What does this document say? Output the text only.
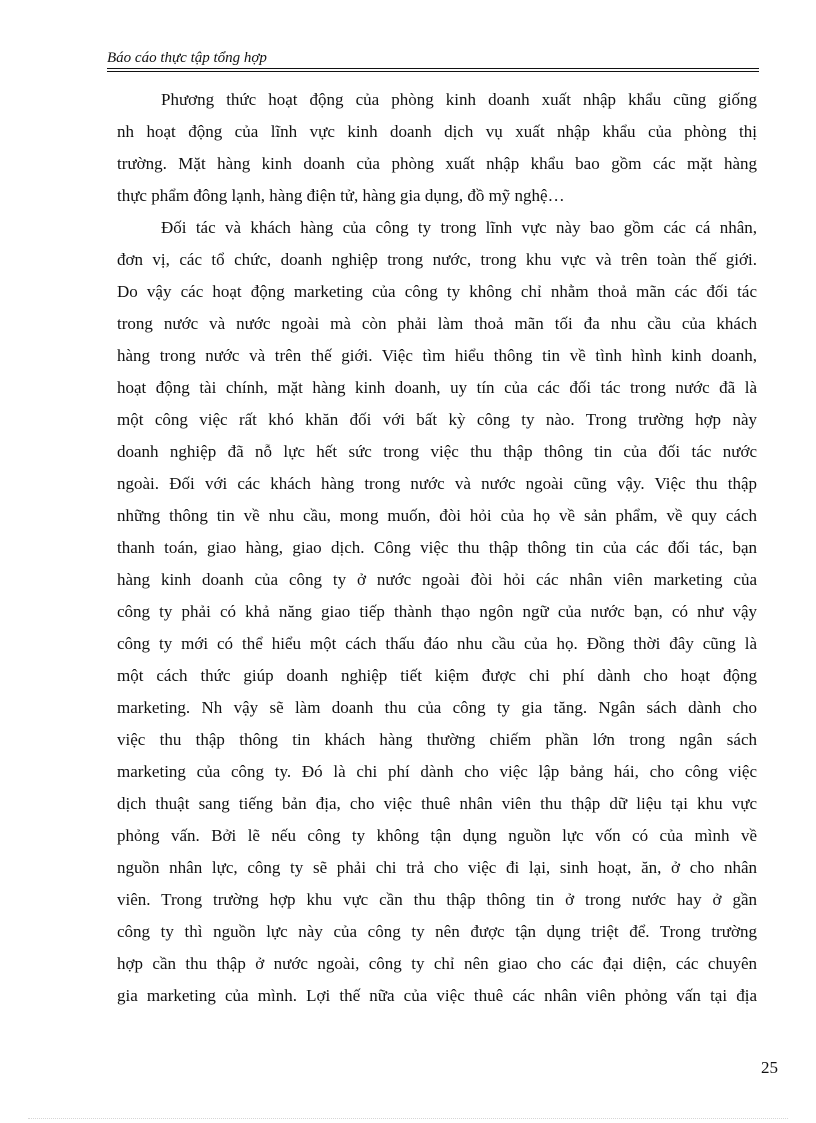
Báo cáo thực tập tổng hợp
Phương thức hoạt động của phòng kinh doanh xuất nhập khẩu cũng giống
nh hoạt động của lĩnh vực kinh doanh dịch vụ xuất nhập khẩu của phòng thị
trường. Mặt hàng kinh doanh của phòng xuất nhập khẩu bao gồm các mặt hàng
thực phẩm đông lạnh, hàng điện tử, hàng gia dụng, đồ mỹ nghệ…
Đối tác và khách hàng của công ty trong lĩnh vực này bao gồm các cá nhân,
đơn vị, các tổ chức, doanh nghiệp trong nước, trong khu vực và trên toàn thế giới.
Do vậy các hoạt động marketing của công ty không chỉ nhằm thoả mãn các đối tác
trong nước và nước ngoài mà còn phải làm thoả mãn tối đa nhu cầu của khách
hàng trong nước và trên thế giới. Việc tìm hiểu thông tin về tình hình kinh doanh,
hoạt động tài chính, mặt hàng kinh doanh, uy tín của các đối tác trong nước đã là
một công việc rất khó khăn đối với bất kỳ công ty nào. Trong trường hợp này
doanh nghiệp đã nỗ lực hết sức trong việc thu thập thông tin của đối tác nước
ngoài. Đối với các khách hàng trong nước và nước ngoài cũng vậy. Việc thu thập
những thông tin về nhu cầu, mong muốn, đòi hỏi của họ về sản phẩm, về quy cách
thanh toán, giao hàng, giao dịch. Công việc thu thập thông tin của các đối tác, bạn
hàng kinh doanh của công ty ở nước ngoài đòi hỏi các nhân viên marketing của
công ty phải có khả năng giao tiếp thành thạo ngôn ngữ của nước bạn, có như vậy
công ty mới có thể hiểu một cách thấu đáo nhu cầu của họ. Đồng thời đây cũng là
một cách thức giúp doanh nghiệp tiết kiệm được chi phí dành cho hoạt động
marketing. Nh vậy sẽ làm doanh thu của công ty gia tăng. Ngân sách dành cho
việc thu thập thông tin khách hàng thường chiếm phần lớn trong ngân sách
marketing của công ty. Đó là chi phí dành cho việc lập bảng hái, cho công việc
dịch thuật sang tiếng bản địa, cho việc thuê nhân viên thu thập dữ liệu tại khu vực
phỏng vấn. Bởi lẽ nếu công ty không tận dụng nguồn lực vốn có của mình về
nguồn nhân lực, công ty sẽ phải chi trả cho việc đi lại, sinh hoạt, ăn, ở cho nhân
viên. Trong trường hợp khu vực cần thu thập thông tin ở trong nước hay ở gần
công ty thì nguồn lực này của công ty nên được tận dụng triệt để. Trong trường
hợp cần thu thập ở nước ngoài, công ty chỉ nên giao cho các đại diện, các chuyên
gia marketing của mình. Lợi thế nữa của việc thuê các nhân viên phỏng vấn tại địa
25
